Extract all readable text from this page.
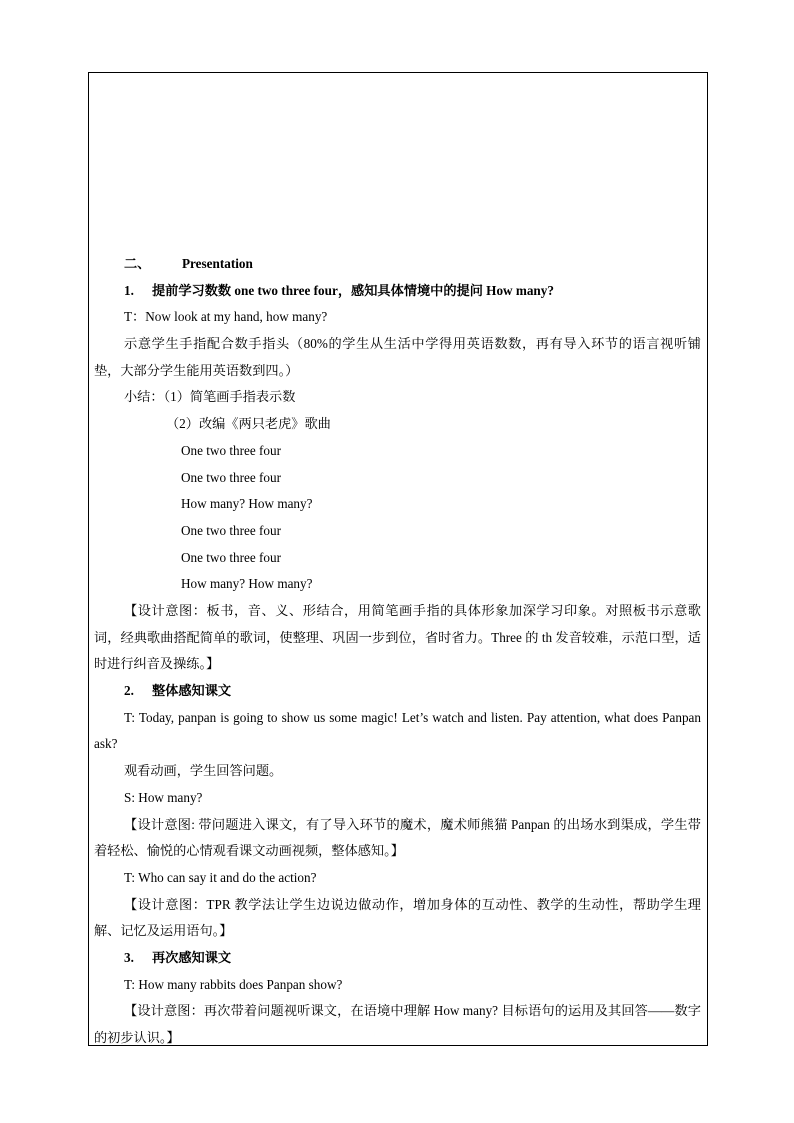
二、 Presentation
1. 提前学习数数 one two three four，感知具体情境中的提问 How many?
T：Now look at my hand, how many?
示意学生手指配合数手指头（80%的学生从生活中学得用英语数数，再有导入环节的语言视听铺垫，大部分学生能用英语数到四。）
小结：（1）简笔画手指表示数
（2）改编《两只老虎》歌曲
One two three four
One two three four
How many? How many?
One two three four
One two three four
How many? How many?
【设计意图：板书，音、义、形结合，用简笔画手指的具体形象加深学习印象。对照板书示意歌词，经典歌曲搭配简单的歌词，使整理、巩固一步到位，省时省力。Three 的 th 发音较难，示范口型，适时进行纠音及操练。】
2. 整体感知课文
T: Today, panpan is going to show us some magic! Let’s watch and listen. Pay attention, what does Panpan ask?
观看动画，学生回答问题。
S: How many?
【设计意图: 带问题进入课文，有了导入环节的魔术，魔术师熊猫 Panpan 的出场水到渠成，学生带着轻松、愉悦的心情观看课文动画视频，整体感知。】
T: Who can say it and do the action?
【设计意图：TPR 教学法让学生边说边做动作，增加身体的互动性、教学的生动性，帮助学生理解、记忆及运用语句。】
3. 再次感知课文
T: How many rabbits does Panpan show?
【设计意图：再次带着问题视听课文，在语境中理解 How many? 目标语句的运用及其回答——数字的初步认识。】
